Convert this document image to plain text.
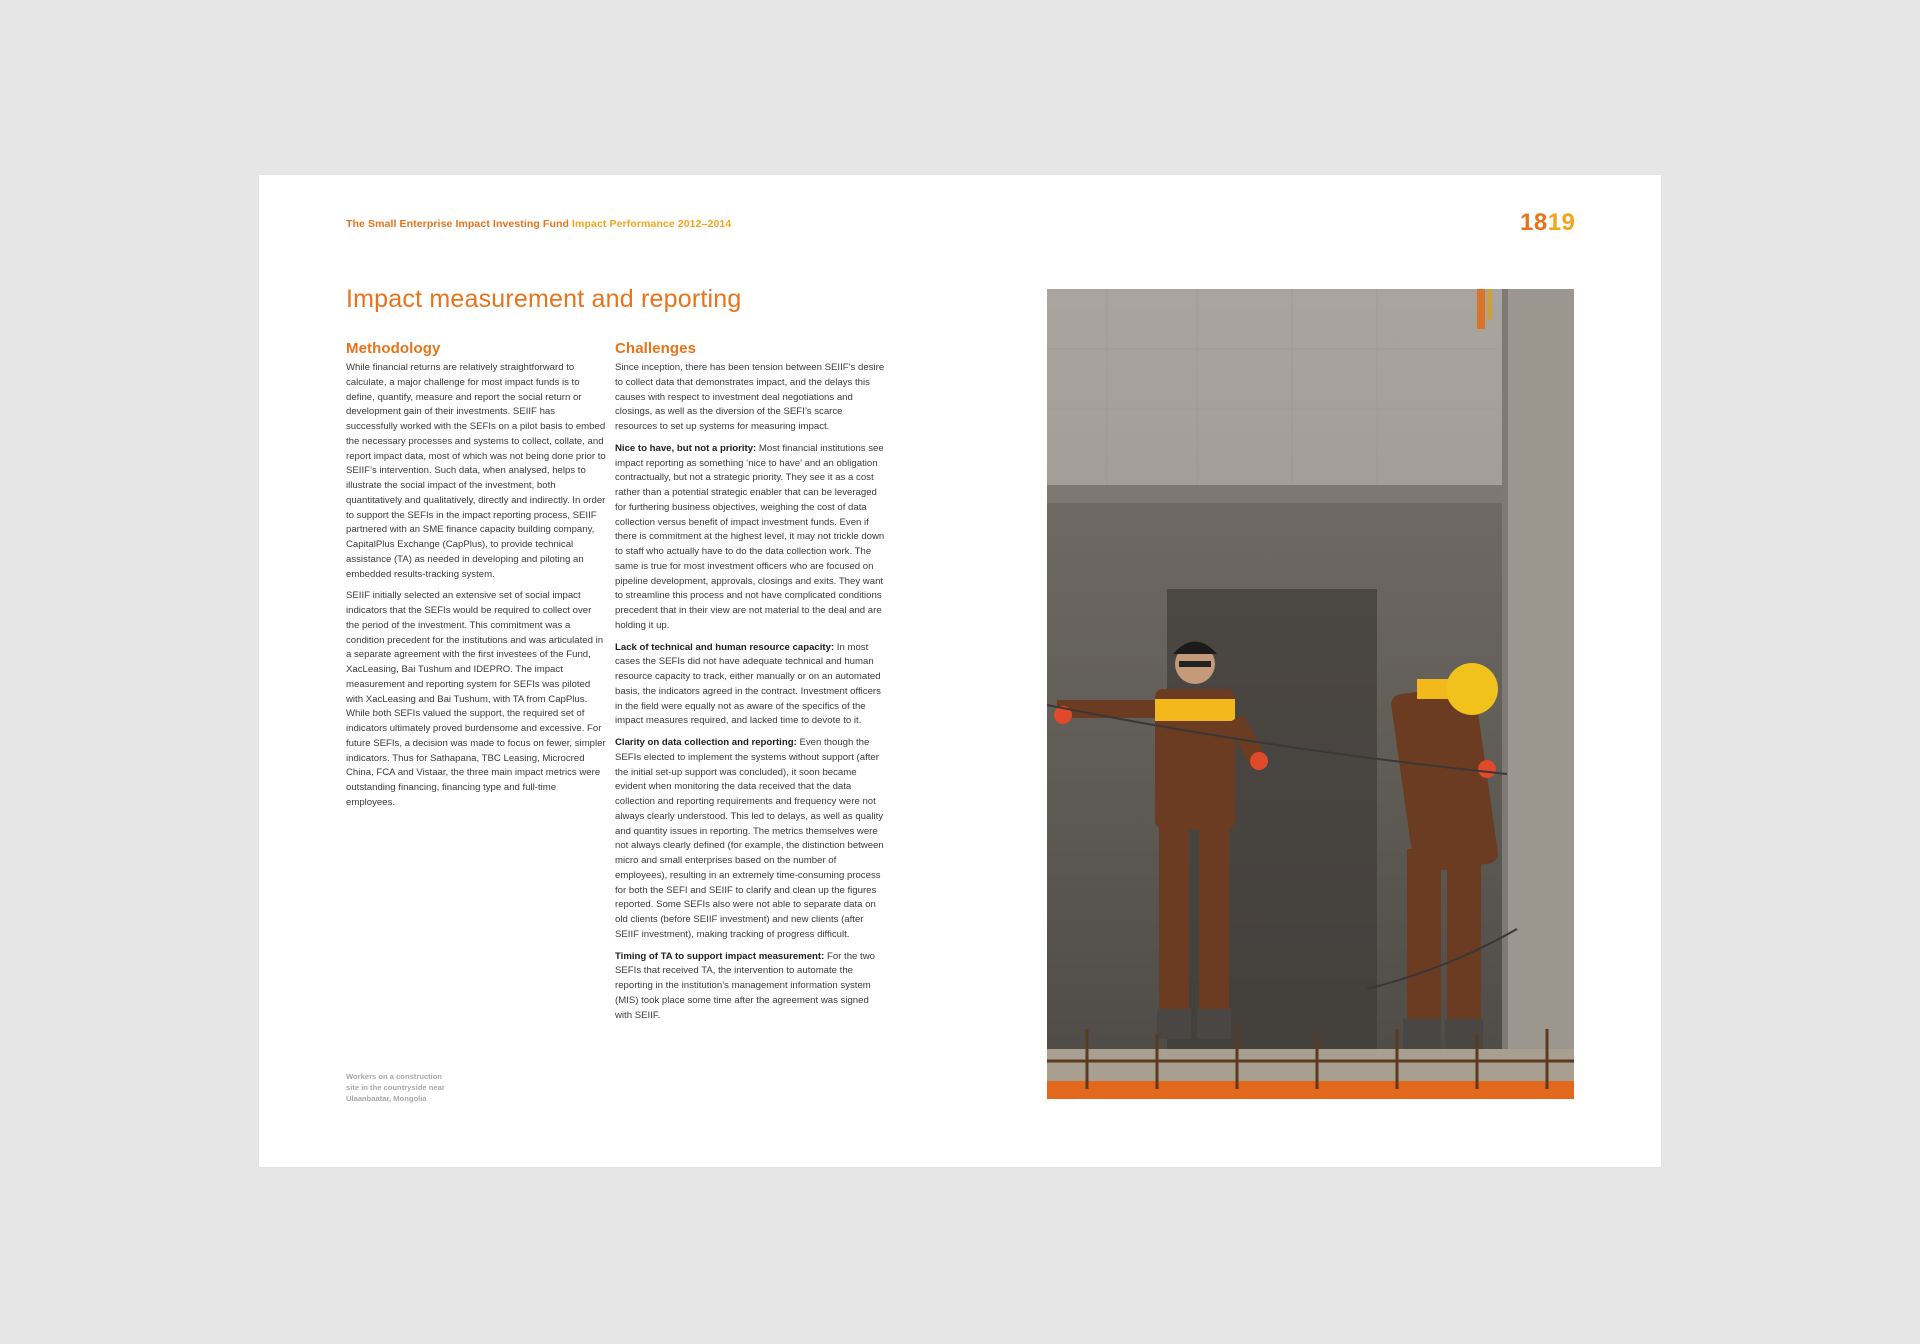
The Small Enterprise Impact Investing Fund Impact Performance 2012–2014	1819
Impact measurement and reporting
Methodology

While financial returns are relatively straightforward to calculate, a major challenge for most impact funds is to define, quantify, measure and report the social return or development gain of their investments. SEIIF has successfully worked with the SEFIs on a pilot basis to embed the necessary processes and systems to collect, collate, and report impact data, most of which was not being done prior to SEIIF’s intervention. Such data, when analysed, helps to illustrate the social impact of the investment, both quantitatively and qualitatively, directly and indirectly. In order to support the SEFIs in the impact reporting process, SEIIF partnered with an SME finance capacity building company, CapitalPlus Exchange (CapPlus), to provide technical assistance (TA) as needed in developing and piloting an embedded results-tracking system.

SEIIF initially selected an extensive set of social impact indicators that the SEFIs would be required to collect over the period of the investment. This commitment was a condition precedent for the institutions and was articulated in a separate agreement with the first investees of the Fund, XacLeasing, Bai Tushum and IDEPRO. The impact measurement and reporting system for SEFIs was piloted with XacLeasing and Bai Tushum, with TA from CapPlus. While both SEFIs valued the support, the required set of indicators ultimately proved burdensome and excessive. For future SEFIs, a decision was made to focus on fewer, simpler indicators. Thus for Sathapana, TBC Leasing, Microcred China, FCA and Vistaar, the three main impact metrics were outstanding financing, financing type and full-time employees.

Challenges

Since inception, there has been tension between SEIIF’s desire to collect data that demonstrates impact, and the delays this causes with respect to investment deal negotiations and closings, as well as the diversion of the SEFI’s scarce resources to set up systems for measuring impact.

Nice to have, but not a priority: Most financial institutions see impact reporting as something ‘nice to have’ and an obligation contractually, but not a strategic priority. They see it as a cost rather than a potential strategic enabler that can be leveraged for furthering business objectives, weighing the cost of data collection versus benefit of impact investment funds. Even if there is commitment at the highest level, it may not trickle down to staff who actually have to do the data collection work. The same is true for most investment officers who are focused on pipeline development, approvals, closings and exits. They want to streamline this process and not have complicated conditions precedent that in their view are not material to the deal and are holding it up.

Lack of technical and human resource capacity: In most cases the SEFIs did not have adequate technical and human resource capacity to track, either manually or on an automated basis, the indicators agreed in the contract. Investment officers in the field were equally not as aware of the specifics of the impact measures required, and lacked time to devote to it.

Clarity on data collection and reporting: Even though the SEFIs elected to implement the systems without support (after the initial set-up support was concluded), it soon became evident when monitoring the data received that the data collection and reporting requirements and frequency were not always clearly understood. This led to delays, as well as quality and quantity issues in reporting. The metrics themselves were not always clearly defined (for example, the distinction between micro and small enterprises based on the number of employees), resulting in an extremely time-consuming process for both the SEFI and SEIIF to clarify and clean up the figures reported. Some SEFIs also were not able to separate data on old clients (before SEIIF investment) and new clients (after SEIIF investment), making tracking of progress difficult.

Timing of TA to support impact measurement: For the two SEFIs that received TA, the intervention to automate the reporting in the institution’s management information system (MIS) took place some time after the agreement was signed with SEIIF.

Workers on a construction site in the countryside near Ulaanbaatar, Mongolia
